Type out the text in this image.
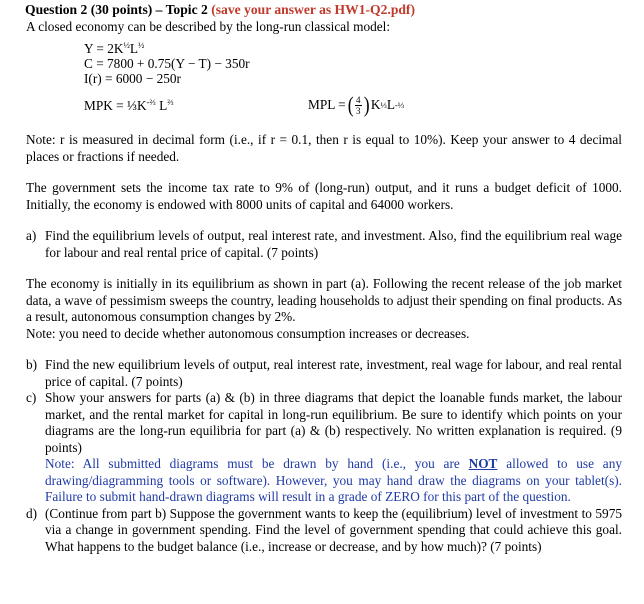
Question 2 (30 points) – Topic 2 (save your answer as HW1-Q2.pdf)

A closed economy can be described by the long-run classical model:

$Y = 2K^{\frac{1}{2}}L^{\frac{1}{2}}$
C = 7800 + 0.75(Y − T) − 350r
I(r) = 6000 − 250r
MPK = $\frac{1}{3}K^{-\frac{2}{3}}$ $L^{\frac{2}{3}}$	MPL = ( $\frac{4}{3}$ ) K ⅓ L -⅓

Note: r is measured in decimal form (i.e., if r = 0.1, then r is equal to 10%). Keep your answer to 4 decimal places or fractions if needed.

The government sets the income tax rate to 9% of (long-run) output, and it runs a budget deficit of 1000. Initially, the economy is endowed with 8000 units of capital and 64000 workers.

a) Find the equilibrium levels of output, real interest rate, and investment. Also, find the equilibrium real wage for labour and real rental price of capital. (7 points)

The economy is initially in its equilibrium as shown in part (a). Following the recent release of the job market data, a wave of pessimism sweeps the country, leading households to adjust their spending on final products. As a result, autonomous consumption changes by 2%.

Note: you need to decide whether autonomous consumption increases or decreases.

b) Find the new equilibrium levels of output, real interest rate, investment, real wage for labour, and real rental price of capital. (7 points)
c) Show your answers for parts (a) & (b) in three diagrams that depict the loanable funds market, the labour market, and the rental market for capital in long-run equilibrium. Be sure to identify which points on your diagrams are the long-run equilibria for part (a) & (b) respectively. No written explanation is required. (9 points)
Note: All submitted diagrams must be drawn by hand (i.e., you are NOT allowed to use any drawing/diagramming tools or software). However, you may hand draw the diagrams on your tablet(s). Failure to submit hand-drawn diagrams will result in a grade of ZERO for this part of the question.
d) (Continue from part b) Suppose the government wants to keep the (equilibrium) level of investment to 5975 via a change in government spending. Find the level of government spending that could achieve this goal. What happens to the budget balance (i.e., increase or decrease, and by how much)? (7 points)
